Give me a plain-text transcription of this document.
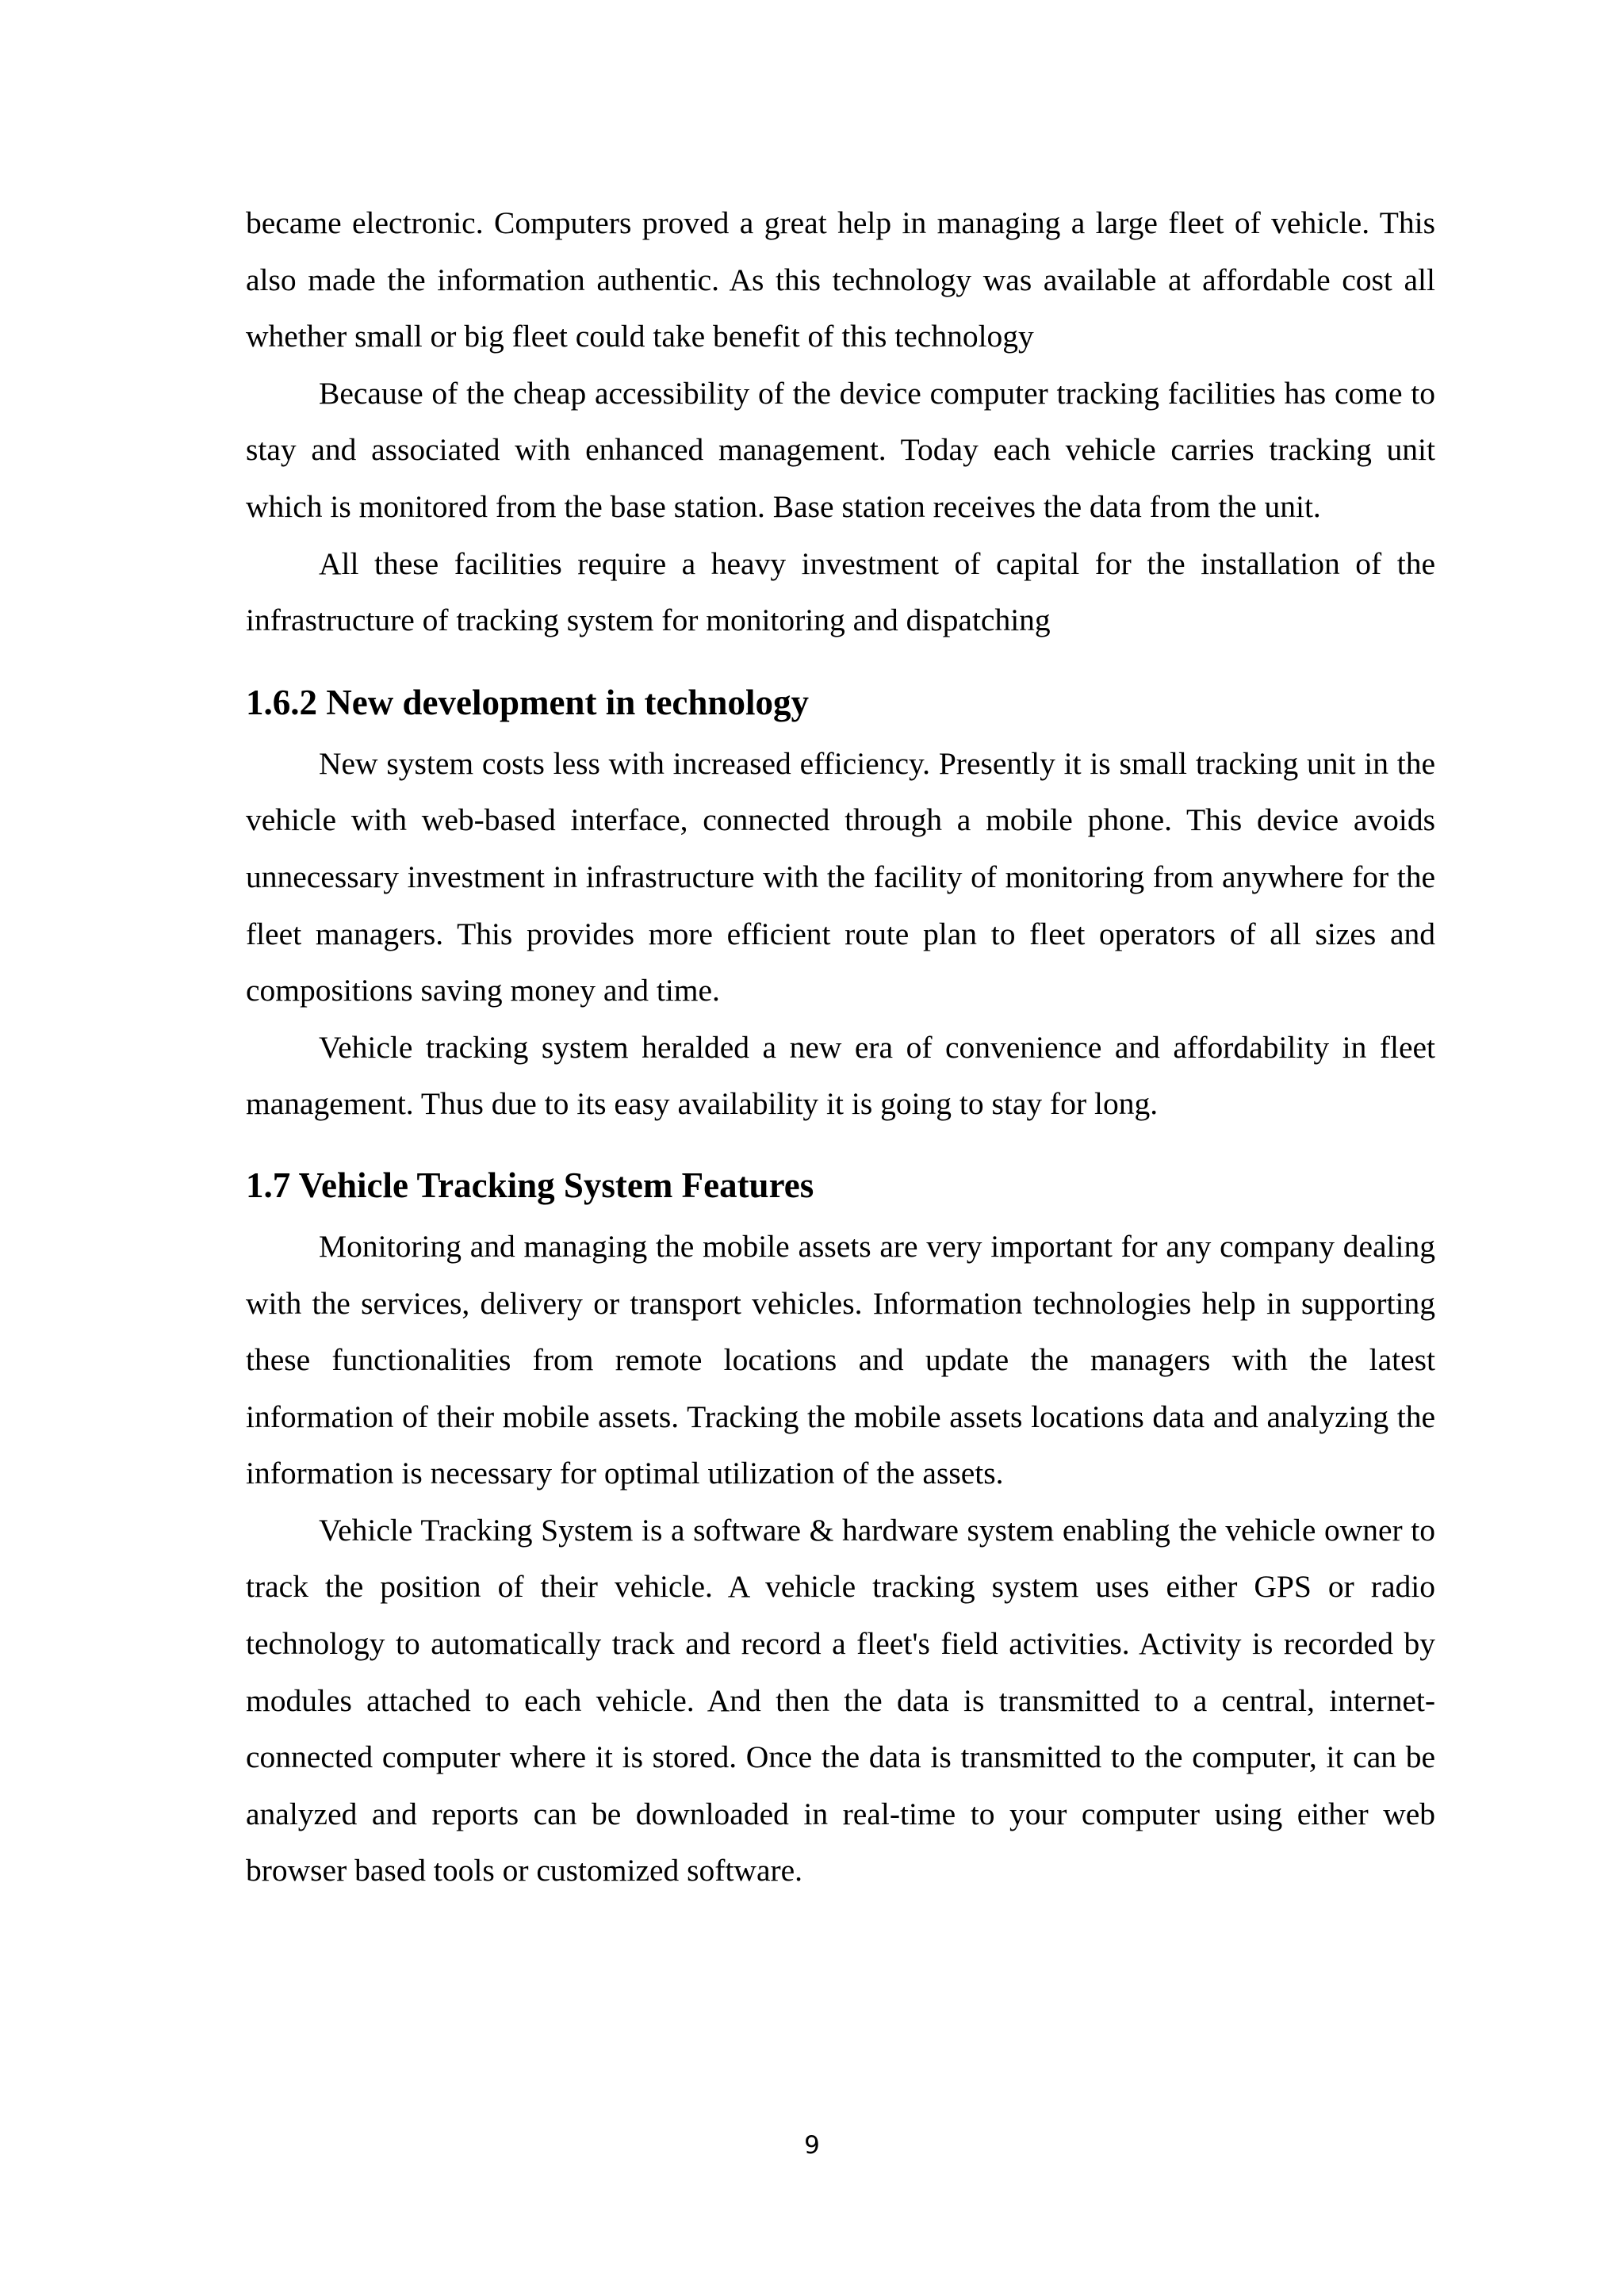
became electronic. Computers proved a great help in managing a large fleet of vehicle. This also made the information authentic. As this technology was available at affordable cost all whether small or big fleet could take benefit of this technology

Because of the cheap accessibility of the device computer tracking facilities has come to stay and associated with enhanced management. Today each vehicle carries tracking unit which is monitored from the base station. Base station receives the data from the unit.

All these facilities require a heavy investment of capital for the installation of the infrastructure of tracking system for monitoring and dispatching

1.6.2 New development in technology

New system costs less with increased efficiency. Presently it is small tracking unit in the vehicle with web-based interface, connected through a mobile phone. This device avoids unnecessary investment in infrastructure with the facility of monitoring from anywhere for the fleet managers. This provides more efficient route plan to fleet operators of all sizes and compositions saving money and time.

Vehicle tracking system heralded a new era of convenience and affordability in fleet management. Thus due to its easy availability it is going to stay for long.

1.7 Vehicle Tracking System Features

Monitoring and managing the mobile assets are very important for any company dealing with the services, delivery or transport vehicles. Information technologies help in supporting these functionalities from remote locations and update the managers with the latest information of their mobile assets. Tracking the mobile assets locations data and analyzing the information is necessary for optimal utilization of the assets.

Vehicle Tracking System is a software & hardware system enabling the vehicle owner to track the position of their vehicle. A vehicle tracking system uses either GPS or radio technology to automatically track and record a fleet's field activities. Activity is recorded by modules attached to each vehicle. And then the data is transmitted to a central, internet-connected computer where it is stored. Once the data is transmitted to the computer, it can be analyzed and reports can be downloaded in real-time to your computer using either web browser based tools or customized software.

9
